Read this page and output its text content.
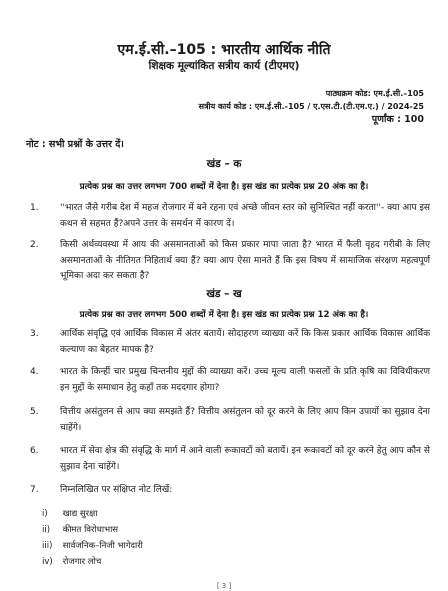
एम.ई.सी.–105 : भारतीय आर्थिक नीति
शिक्षक मूल्यांकित सत्रीय कार्य (टीएमए)
पाठ्यक्रम कोड: एम.ई.सी.–105
सत्रीय कार्य कोड : एम.ई.सी.-105 / ए.एस.टी.(टी.एम.ए.) / 2024-25
पूर्णांक : 100
नोट : सभी प्रश्नों के उत्तर दें।
खंड – क
प्रत्येक प्रश्न का उत्तर लगभग 700 शब्दों में देना है। इस खंड का प्रत्येक प्रश्न 20 अंक का है।
1.	''भारत जैसे गरीब देश में महज रोजगार में बने रहना एवं अच्छे जीवन स्तर को सुनिश्चित नहीं करता''- क्या आप इस कथन से सहमत हैं?अपने उत्तर के समर्थन में कारण दें।
2.	किसी अर्थव्यवस्था में आय की असमानताओं को किस प्रकार मापा जाता है? भारत में फैली वृहद गरीबी के लिए असमानताओं के नीतिगत निहितार्थ क्या हैं? क्या आप ऐसा मानते हैं कि इस विषय में सामाजिक संरक्षण महत्वपूर्ण भूमिका अदा कर सकता है?
खंड – ख
प्रत्येक प्रश्न का उत्तर लगभग 500 शब्दों में देना है। इस खंड का प्रत्येक प्रश्न 12 अंक का है।
3.	आर्थिक संवृद्धि एवं आर्थिक विकास में अंतर बतायें। सोदाहरण व्याख्या करें कि किस प्रकार आर्थिक विकास आर्थिक कल्याण का बेहतर मापक है?
4.	भारत के किन्हीं चार प्रमुख चिन्तनीय मुद्दों की व्याख्या करें। उच्च मूल्य वाली फसलों के प्रति कृषि का विविधीकरण इन मुद्दों के समाधान हेतु कहाँ तक मददगार होगा?
5.	वित्तीय असंतुलन से आप क्या समझते हैं? वित्तीय असंतुलन को दूर करने के लिए आप किन उपायों का सुझाव देना चाहेंगे।
6.	भारत में सेवा क्षेत्र की संवृद्धि के मार्ग में आने वाली रूकावटों को बतायें। इन रूकावटों को दूर करने हेतु आप कौन से सुझाव देना चाहेंगे।
7.	निम्नलिखित पर संक्षिप्त नोट लिखें:
i) खाद्य सुरक्षा
ii) कीमत विरोधाभास
iii) सार्वजनिक–निजी भागेदारी
iv) रोजगार लोच
[ 3 ]
